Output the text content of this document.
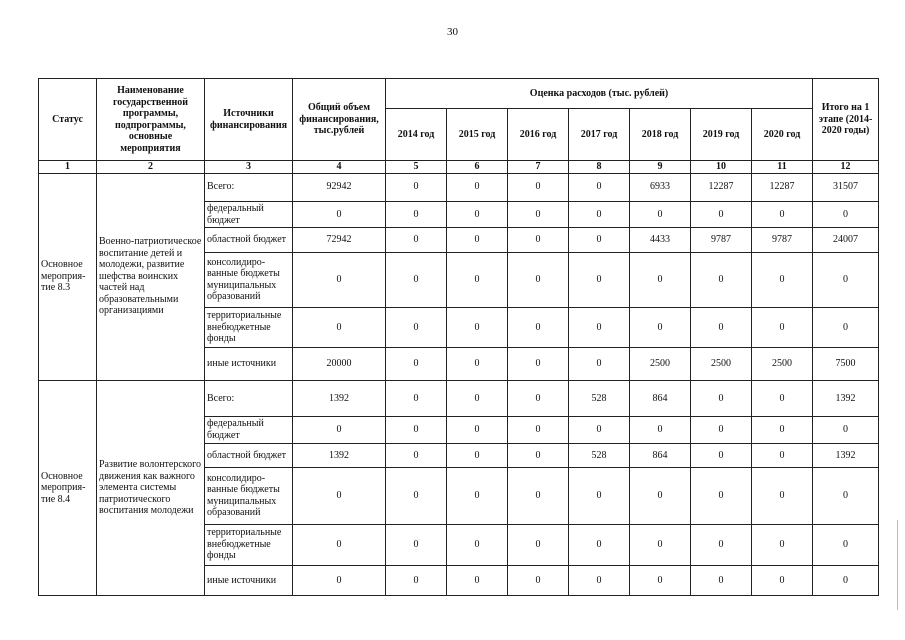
30
Статус	Наименование государственной программы, подпрограммы, основные мероприятия	Источники финансирования	Общий объем финансирования, тыс.рублей	Оценка расходов (тыс. рублей)							Итого на 1 этапе (2014-2020 годы)
				2014 год	2015 год	2016 год	2017 год	2018 год	2019 год	2020 год	
1	2	3	4	5	6	7	8	9	10	11	12
Основное мероприя-тие 8.3	Военно-патриотическое воспитание детей и молодежи, развитие шефства воинских частей над образовательными организациями	Всего:	92942	0	0	0	0	6933	12287	12287	31507
		федеральный бюджет	0	0	0	0	0	0	0	0	0
		областной бюджет	72942	0	0	0	0	4433	9787	9787	24007
		консолидиро-ванные бюджеты муниципальных образований	0	0	0	0	0	0	0	0	0
		территориальные внебюджетные фонды	0	0	0	0	0	0	0	0	0
		иные источники	20000	0	0	0	0	2500	2500	2500	7500
Основное мероприя-тие 8.4	Развитие волонтерского движения как важного элемента системы патриотического воспитания молодежи	Всего:	1392	0	0	0	528	864	0	0	1392
		федеральный бюджет	0	0	0	0	0	0	0	0	0
		областной бюджет	1392	0	0	0	528	864	0	0	1392
		консолидиро-ванные бюджеты муниципальных образований	0	0	0	0	0	0	0	0	0
		территориальные внебюджетные фонды	0	0	0	0	0	0	0	0	0
		иные источники	0	0	0	0	0	0	0	0	0
